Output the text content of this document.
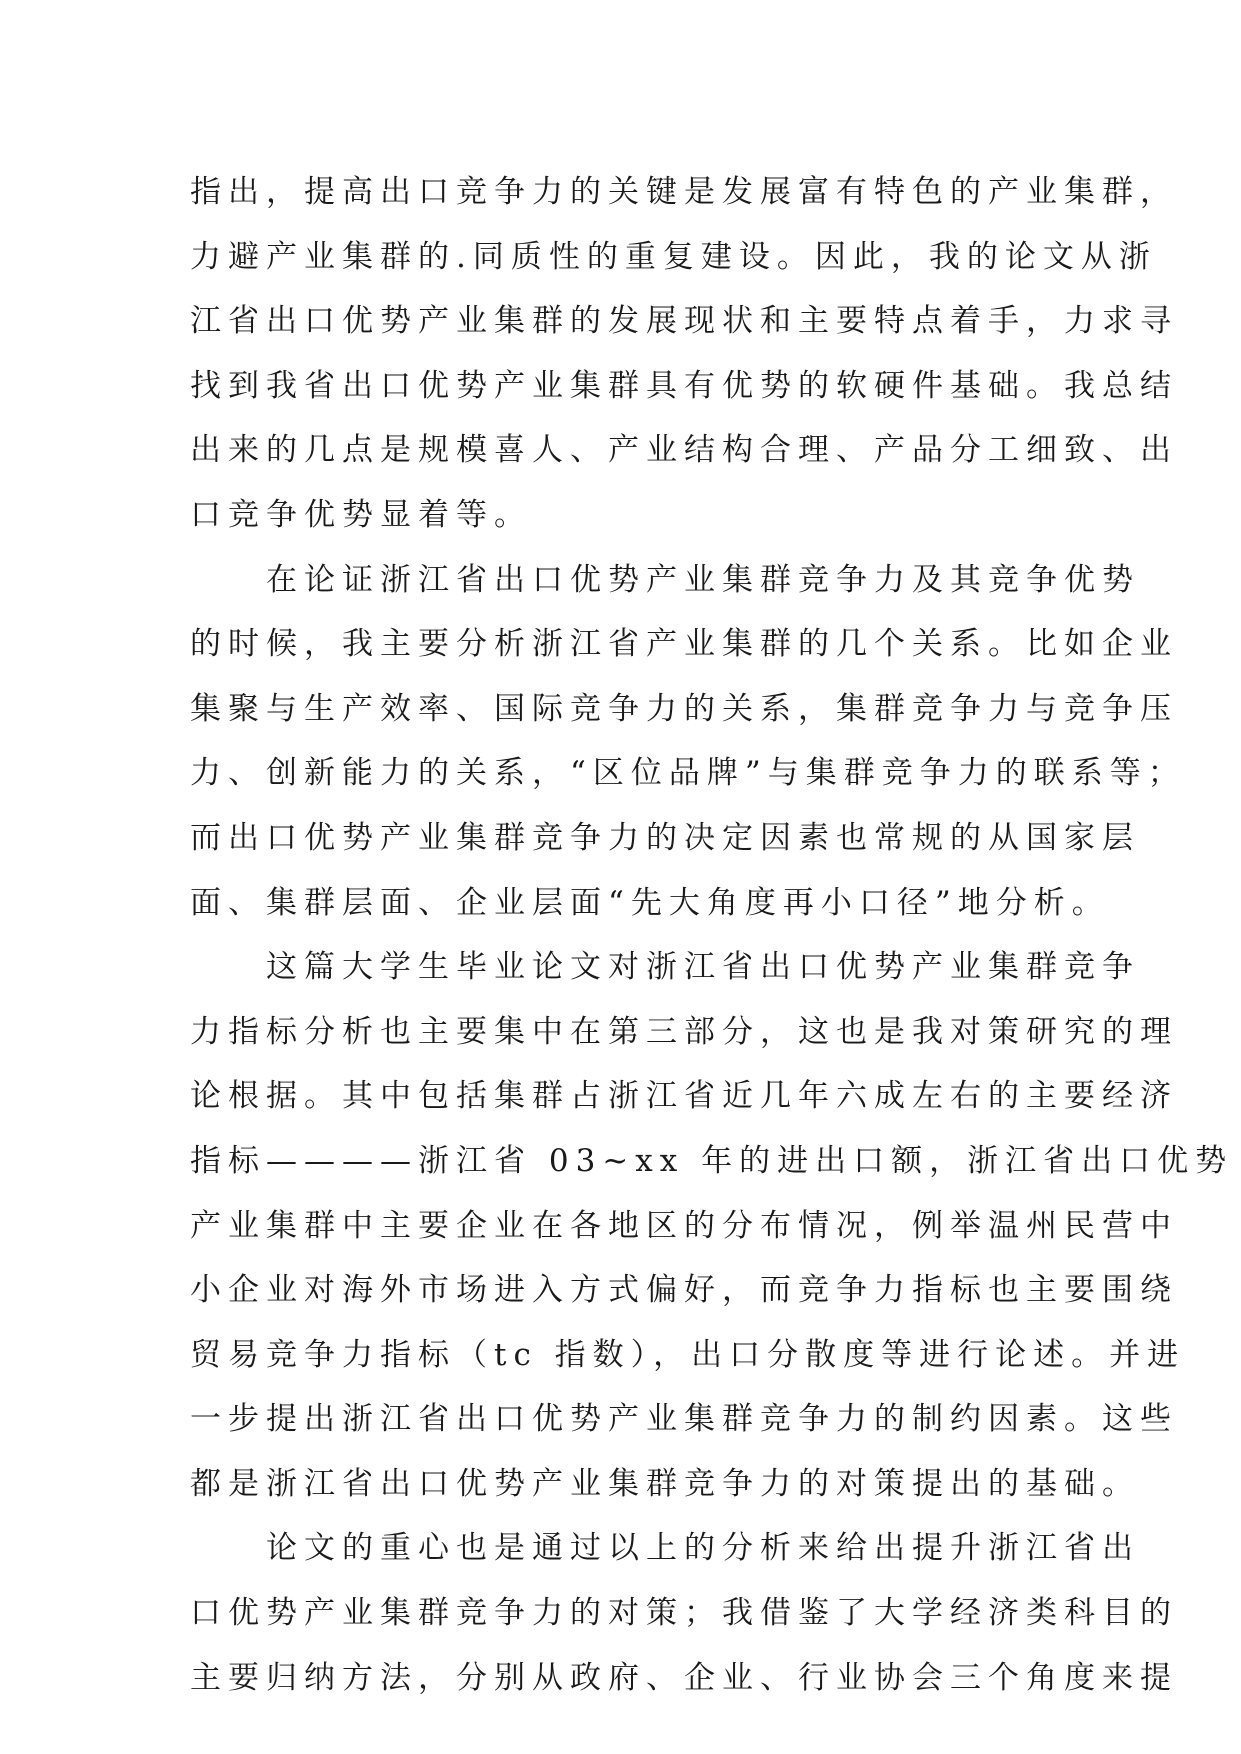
指出，提高出口竞争力的关键是发展富有特色的产业集群，
力避产业集群的.同质性的重复建设。因此，我的论文从浙
江省出口优势产业集群的发展现状和主要特点着手，力求寻
找到我省出口优势产业集群具有优势的软硬件基础。我总结
出来的几点是规模喜人、产业结构合理、产品分工细致、出
口竞争优势显着等。
　　在论证浙江省出口优势产业集群竞争力及其竞争优势
的时候，我主要分析浙江省产业集群的几个关系。比如企业
集聚与生产效率、国际竞争力的关系，集群竞争力与竞争压
力、创新能力的关系，“区位品牌”与集群竞争力的联系等；
而出口优势产业集群竞争力的决定因素也常规的从国家层
面、集群层面、企业层面“先大角度再小口径”地分析。
　　这篇大学生毕业论文对浙江省出口优势产业集群竞争
力指标分析也主要集中在第三部分，这也是我对策研究的理
论根据。其中包括集群占浙江省近几年六成左右的主要经济
指标————浙江省 03~xx 年的进出口额，浙江省出口优势
产业集群中主要企业在各地区的分布情况，例举温州民营中
小企业对海外市场进入方式偏好，而竞争力指标也主要围绕
贸易竞争力指标（tc 指数），出口分散度等进行论述。并进
一步提出浙江省出口优势产业集群竞争力的制约因素。这些
都是浙江省出口优势产业集群竞争力的对策提出的基础。
　　论文的重心也是通过以上的分析来给出提升浙江省出
口优势产业集群竞争力的对策；我借鉴了大学经济类科目的
主要归纳方法，分别从政府、企业、行业协会三个角度来提
